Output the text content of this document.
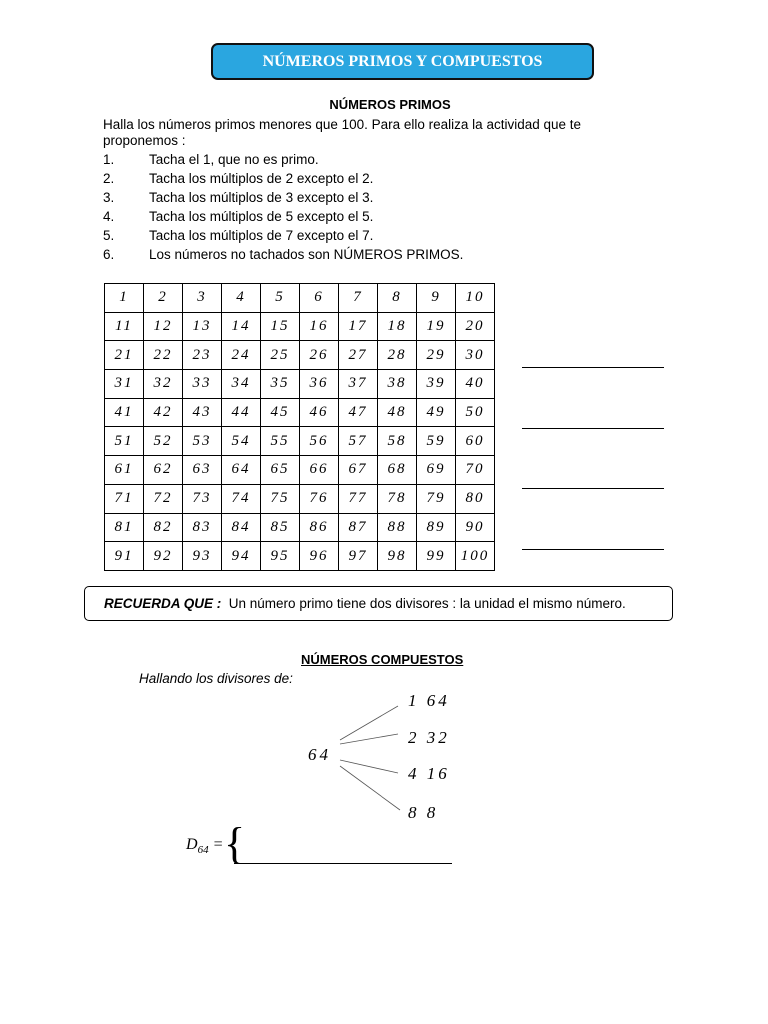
NÚMEROS PRIMOS Y COMPUESTOS
NÚMEROS PRIMOS
Halla los números primos menores que 100. Para ello realiza la actividad que te proponemos :
1.	Tacha el 1, que no es primo.
2.	Tacha los múltiplos de 2 excepto el 2.
3.	Tacha los múltiplos de 3 excepto el 3.
4.	Tacha los múltiplos de 5 excepto el 5.
5.	Tacha los múltiplos de 7 excepto el 7.
6.	Los números no tachados son NÚMEROS PRIMOS.
1	2	3	4	5	6	7	8	9	10
11	12	13	14	15	16	17	18	19	20
21	22	23	24	25	26	27	28	29	30
31	32	33	34	35	36	37	38	39	40
41	42	43	44	45	46	47	48	49	50
51	52	53	54	55	56	57	58	59	60
61	62	63	64	65	66	67	68	69	70
71	72	73	74	75	76	77	78	79	80
81	82	83	84	85	86	87	88	89	90
91	92	93	94	95	96	97	98	99	100
RECUERDA QUE : Un número primo tiene dos divisores : la unidad el mismo número.
NÚMEROS COMPUESTOS
Hallando los divisores de:
64
1 64
2 32
4 16
8 8
$D_{64}$ = {
